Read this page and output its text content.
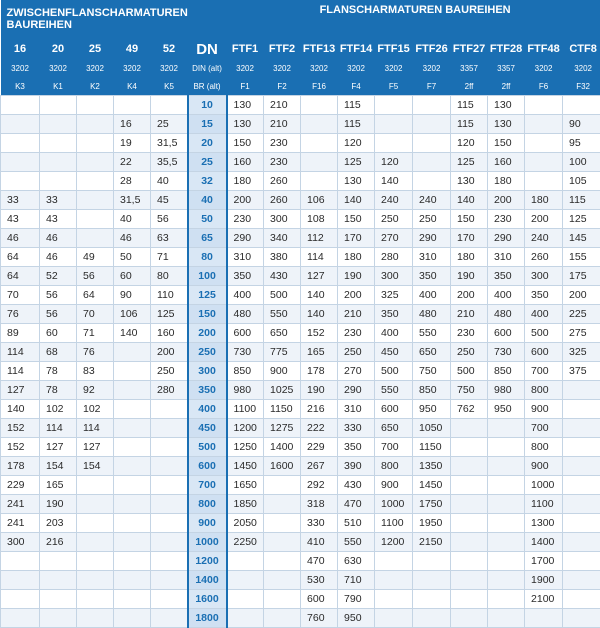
ZWISCHENFLANSCHARMATUREN BAUREIHEN						FLANSCHARMATUREN BAUREIHEN									
16	20	25	49	52	DN	FTF1	FTF2	FTF13	FTF14	FTF15	FTF26	FTF27	FTF28	FTF48	CTF8
3202	3202	3202	3202	3202	DIN (alt)	3202	3202	3202	3202	3202	3202	3357	3357	3202	3202
K3	K1	K2	K4	K5	BR (alt)	F1	F2	F16	F4	F5	F7	2ff	2ff	F6	F32
					10	130	210		115			115	130		
			16	25	15	130	210		115			115	130		90
			19	31,5	20	150	230		120			120	150		95
			22	35,5	25	160	230		125	120		125	160		100
			28	40	32	180	260		130	140		130	180		105
33	33		31,5	45	40	200	260	106	140	240	240	140	200	180	115
43	43		40	56	50	230	300	108	150	250	250	150	230	200	125
46	46		46	63	65	290	340	112	170	270	290	170	290	240	145
64	46	49	50	71	80	310	380	114	180	280	310	180	310	260	155
64	52	56	60	80	100	350	430	127	190	300	350	190	350	300	175
70	56	64	90	110	125	400	500	140	200	325	400	200	400	350	200
76	56	70	106	125	150	480	550	140	210	350	480	210	480	400	225
89	60	71	140	160	200	600	650	152	230	400	550	230	600	500	275
114	68	76		200	250	730	775	165	250	450	650	250	730	600	325
114	78	83		250	300	850	900	178	270	500	750	500	850	700	375
127	78	92		280	350	980	1025	190	290	550	850	750	980	800	
140	102	102			400	1100	1150	216	310	600	950	762	950	900	
152	114	114			450	1200	1275	222	330	650	1050			700	
152	127	127			500	1250	1400	229	350	700	1150			800	
178	154	154			600	1450	1600	267	390	800	1350			900	
229	165				700	1650		292	430	900	1450			1000	
241	190				800	1850		318	470	1000	1750			1100	
241	203				900	2050		330	510	1100	1950			1300	
300	216				1000	2250		410	550	1200	2150			1400	
					1200			470	630					1700	
					1400			530	710					1900	
					1600			600	790					2100	
					1800			760	950						
